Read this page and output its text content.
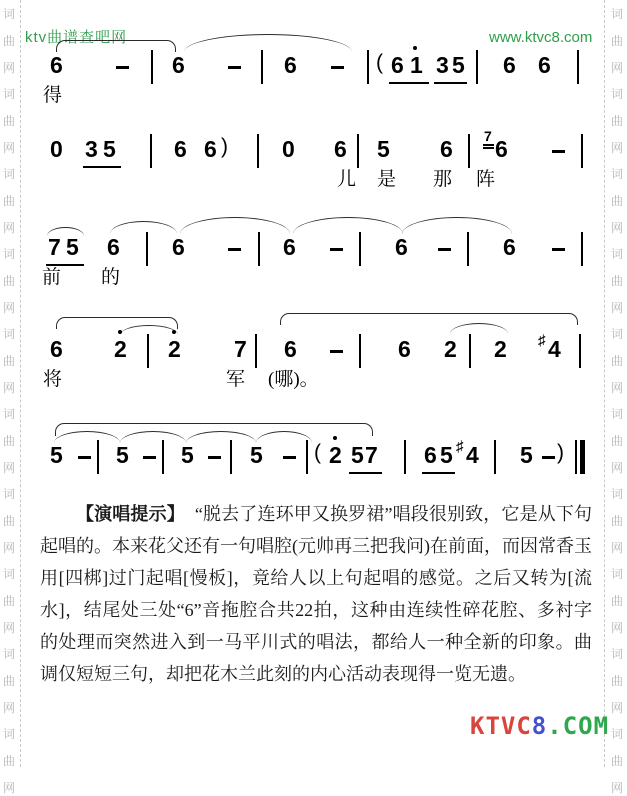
词
曲
网
词
曲
网
词
曲
网
词
曲
网
词
曲
网
词
曲
网
词
曲
网
词
曲
网
词
曲
网
词
曲
网
词
曲
网
词
曲
网
词
曲
网
词
曲
网
词
曲
网
词
曲
网
词
曲
网
词
曲
网
词
曲
网
词
曲
网
ktv曲谱查吧网	www.ktvc8.com
6	6	6	( 6 1 3 5 6 6
得
0 3 5	6 6 ) 0 6 5 6 7 6
儿 是 那 阵
7 5 6 6	6	6	6
前 的
6 2 2 7 6	6 2 2 ♯ 4
将	军 (哪)。
5 5 5 5 ( 2 5 7 6 5 ♯ 4 5 )

【演唱提示】 “脱去了连环甲又换罗裙”唱段很别致，它是从下句起唱的。本来花父还有一句唱腔(元帅再三把我问)在前面，而因常香玉用[四梆]过门起唱[慢板]，竟给人以上句起唱的感觉。之后又转为[流水]，结尾处三处“6”音拖腔合共22拍，这种由连续性碎花腔、多衬字的处理而突然进入到一马平川式的唱法，都给人一种全新的印象。曲调仅短短三句，却把花木兰此刻的内心活动表现得一览无遗。

KTVC8.COM
